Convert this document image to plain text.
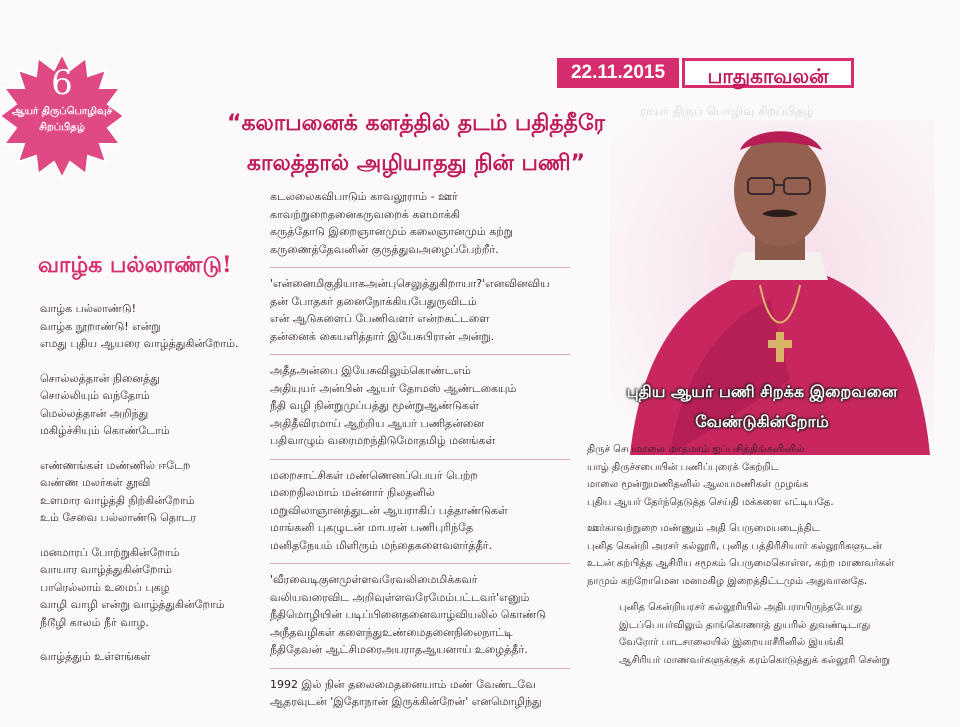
6
ஆயர் திருப்பொழிவுச்
சிறப்பிதழ்
22.11.2015	பாதுகாவலன்
ராயர் திருப் பொழிவு சிறப்பிதழ்
“கலாபனைக் களத்தில் தடம் பதித்தீரே
காலத்தால் அழியாதது நின் பணி”
வாழ்க பல்லாண்டு!
வாழ்க பல்லாண்டு!
வாழ்க நூறாண்டு! என்று
எமது புதிய ஆயரை வாழ்த்துகின்றோம்.
சொல்லத்தான் நினைத்து
சொல்லியும் வந்தோம்
மெல்லத்தான் அறிந்து
மகிழ்ச்சியும் கொண்டோம்
எண்ணங்கள் மண்ணில் ஈடேற
வண்ண மலர்கள் தூவி
உளமார வாழ்த்தி நிற்கின்றோம்
உம் சேவை பல்லாண்டு தொடர
மனமாரப் போற்றுகின்றோம்
வாயார வாழ்த்துகின்றோம்
பாரெல்லாம் உமைப் புகழ
வாழி வாழி என்று வாழ்த்துகின்றோம்
நீடூழி காலம் நீர் வாழ.
வாழ்த்தும் உள்ளங்கள்
கடலலைகவிபாடும் காவலூராம் - ஊர்
காவற்றுறைதனைகருவறைக் களமாக்கி
கருத்தோடு இறைஞானமும் கலைஞானமும் கற்று
கருணைத்தேவனின் குருத்துவஅழைப்பேற்றீர்.
'என்னைமிகுதியாகஅன்புசெலுத்துகிறாயா?'எனவினவிய
தன் போதகர் தனைநோக்கியபேதுருவிடம்
என் ஆடுகளைப் பேணிவளர் என்றகட்டளை
தன்னைக் கையளித்தார் இயேசுபிரான் அன்று.
அதீதஅன்பை இயேசுவிலும்கொண்டஎம்
அதியுயர் அன்பின் ஆயர் தோமஸ் ஆண்டகையும்
நீதி வழி நின்றுமுப்பத்து மூன்றுஆண்டுகள்
அதிதீவிரமாய் ஆற்றிய ஆயர் பணிதன்னை
பதிவாழும் வரைமறந்திடுமோதமிழ் மனங்கள்
மறைசாட்சிகள் மண்ணெனப்பெயர் பெற்ற
மறைநிலமாம் மன்னார் நிலதனில்
மறுவிலாஞானத்துடன் ஆயராகிப் பத்தாண்டுகள்
மாங்கனி புகழுடன் மாபரன் பணிபுரிந்தே
மனிதநேயம் மிளிரும் மந்தைகளைவளர்த்தீர்.
'வீரவைடிகுனமுள்ளவரேவலிமைமிக்கவர்
வலியவரைவிட அறிவுள்ளவரேமேம்பட்டவர்'எனும்
நீதிமொழியின் படிப்பினைதனைவாழ்வியலில் கொண்டு
அநீதவழிகள் களைந்துஉண்மைதனைநிலைநாட்டி
நீதிதேவன் ஆட்சிமரைஅயராதஆயனாய் உழைத்தீர்.
1992 இல் நின் தலைமைதனையாம் மண் வேண்டவே
ஆதரவுடன் 'இதோநான் இருக்கின்றேன்' எனமொழிந்து
புதிய ஆயர் பணி சிறக்க இறைவனை
வேண்டுகின்றோம்
திருச் செபமாலை மாதமாம் ஐப்பசித்திங்களினில்
யாழ் திருச்சபையின் பணிப்புரைக் கேற்றிட
மாலை மூன்றுமணிதனில் ஆலயமணிகள் முழங்க
புதிய ஆயர் தேர்ந்தெடுத்த செய்தி மக்களை எட்டியதே.
ஊர்காவற்றுறை மண்ணும் அதி பெருமையடைந்திட
புனித கென்றி அரசர் கல்லூரி, புனித பத்திரிசியார் கல்லூரிகளுடன்
உடன் கற்பித்த ஆசிரிய சமூகம் பெருமைகொள்ள, கற்ற மாணவர்கள்
நாமும் கற்றோமென மனமகிழ இறைத்திட்டமும் அதுவானதே.
புனித கென்றியரசர் கல்லூரியில் அதிபராயிருந்தபோது
இடப்பெயர்விலும் தாங்கொணாத் துயரில் துவண்டிடாது
வேரோர் பாடசாலையில் இறையாசீரினில் இயங்கி
ஆசிரியர் மாணவர்களுக்குக் கரம்கொடுத்துக் கல்லூரி சென்று
